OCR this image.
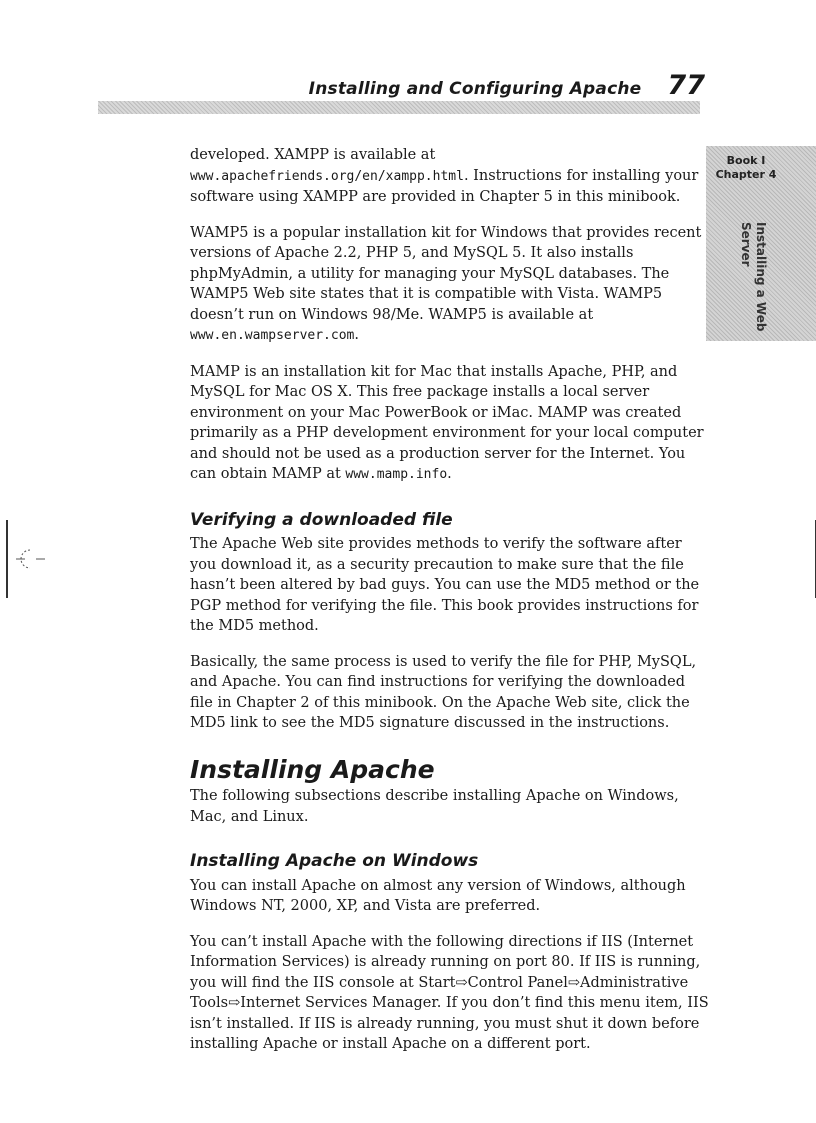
Installing and Configuring Apache 77
Book I
Chapter 4
Installing a Web Server

developed. XAMPP is available at www.apachefriends.org/en/xampp.html. Instructions for installing your software using XAMPP are provided in Chapter 5 in this minibook.

WAMP5 is a popular installation kit for Windows that provides recent versions of Apache 2.2, PHP 5, and MySQL 5. It also installs phpMyAdmin, a utility for managing your MySQL databases. The WAMP5 Web site states that it is compatible with Vista. WAMP5 doesn’t run on Windows 98/Me. WAMP5 is available at www.en.wampserver.com.

MAMP is an installation kit for Mac that installs Apache, PHP, and MySQL for Mac OS X. This free package installs a local server environment on your Mac PowerBook or iMac. MAMP was created primarily as a PHP development environment for your local computer and should not be used as a production server for the Internet. You can obtain MAMP at www.mamp.info.

Verifying a downloaded file

The Apache Web site provides methods to verify the software after you download it, as a security precaution to make sure that the file hasn’t been altered by bad guys. You can use the MD5 method or the PGP method for verifying the file. This book provides instructions for the MD5 method.

Basically, the same process is used to verify the file for PHP, MySQL, and Apache. You can find instructions for verifying the downloaded file in Chapter 2 of this minibook. On the Apache Web site, click the MD5 link to see the MD5 signature discussed in the instructions.

Installing Apache

The following subsections describe installing Apache on Windows, Mac, and Linux.

Installing Apache on Windows

You can install Apache on almost any version of Windows, although Windows NT, 2000, XP, and Vista are preferred.

You can’t install Apache with the following directions if IIS (Internet Information Services) is already running on port 80. If IIS is running, you will find the IIS console at Start⇨Control Panel⇨Administrative Tools⇨Internet Services Manager. If you don’t find this menu item, IIS isn’t installed. If IIS is already running, you must shut it down before installing Apache or install Apache on a different port.
